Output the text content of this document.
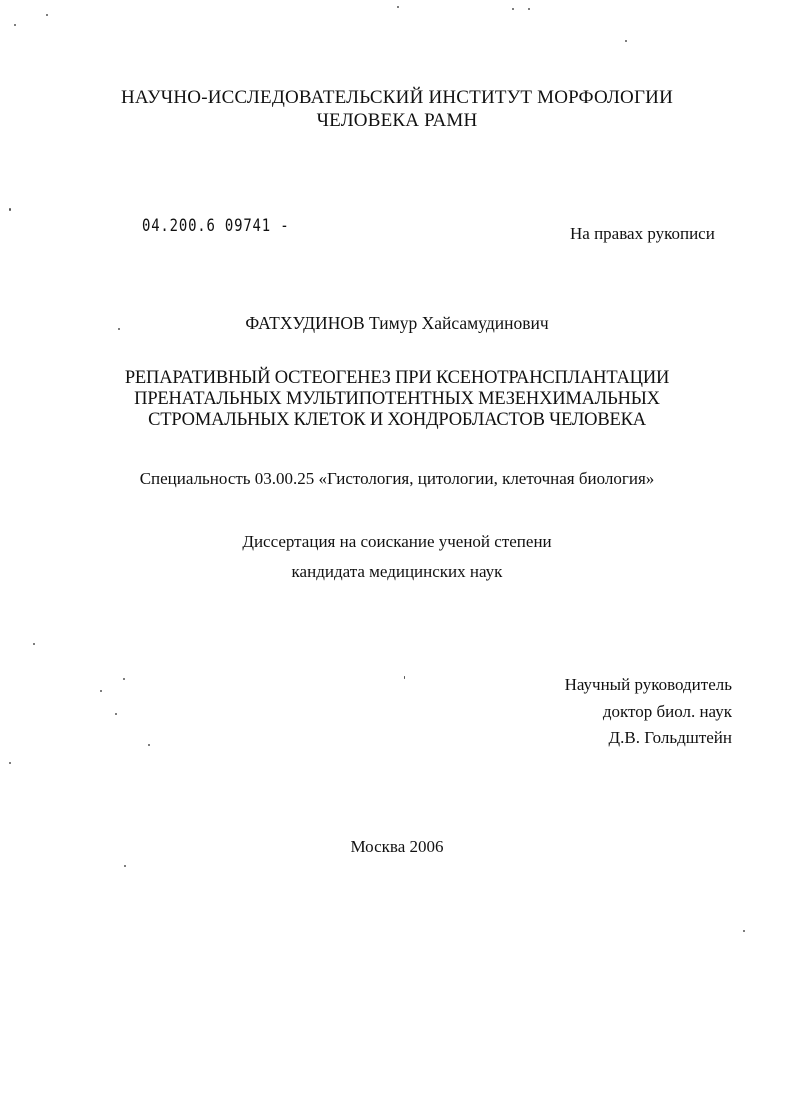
НАУЧНО-ИССЛЕДОВАТЕЛЬСКИЙ ИНСТИТУТ МОРФОЛОГИИ
ЧЕЛОВЕКА РАМН
04.200.6 09741 -	На правах рукописи
ФАТХУДИНОВ Тимур Хайсамудинович
РЕПАРАТИВНЫЙ ОСТЕОГЕНЕЗ ПРИ КСЕНОТРАНСПЛАНТАЦИИ
ПРЕНАТАЛЬНЫХ МУЛЬТИПОТЕНТНЫХ МЕЗЕНХИМАЛЬНЫХ
СТРОМАЛЬНЫХ КЛЕТОК И ХОНДРОБЛАСТОВ ЧЕЛОВЕКА
Специальность 03.00.25 «Гистология, цитологии, клеточная биология»
Диссертация на соискание ученой степени
кандидата медицинских наук
Научный руководитель
доктор биол. наук
Д.В. Гольдштейн
Москва 2006
